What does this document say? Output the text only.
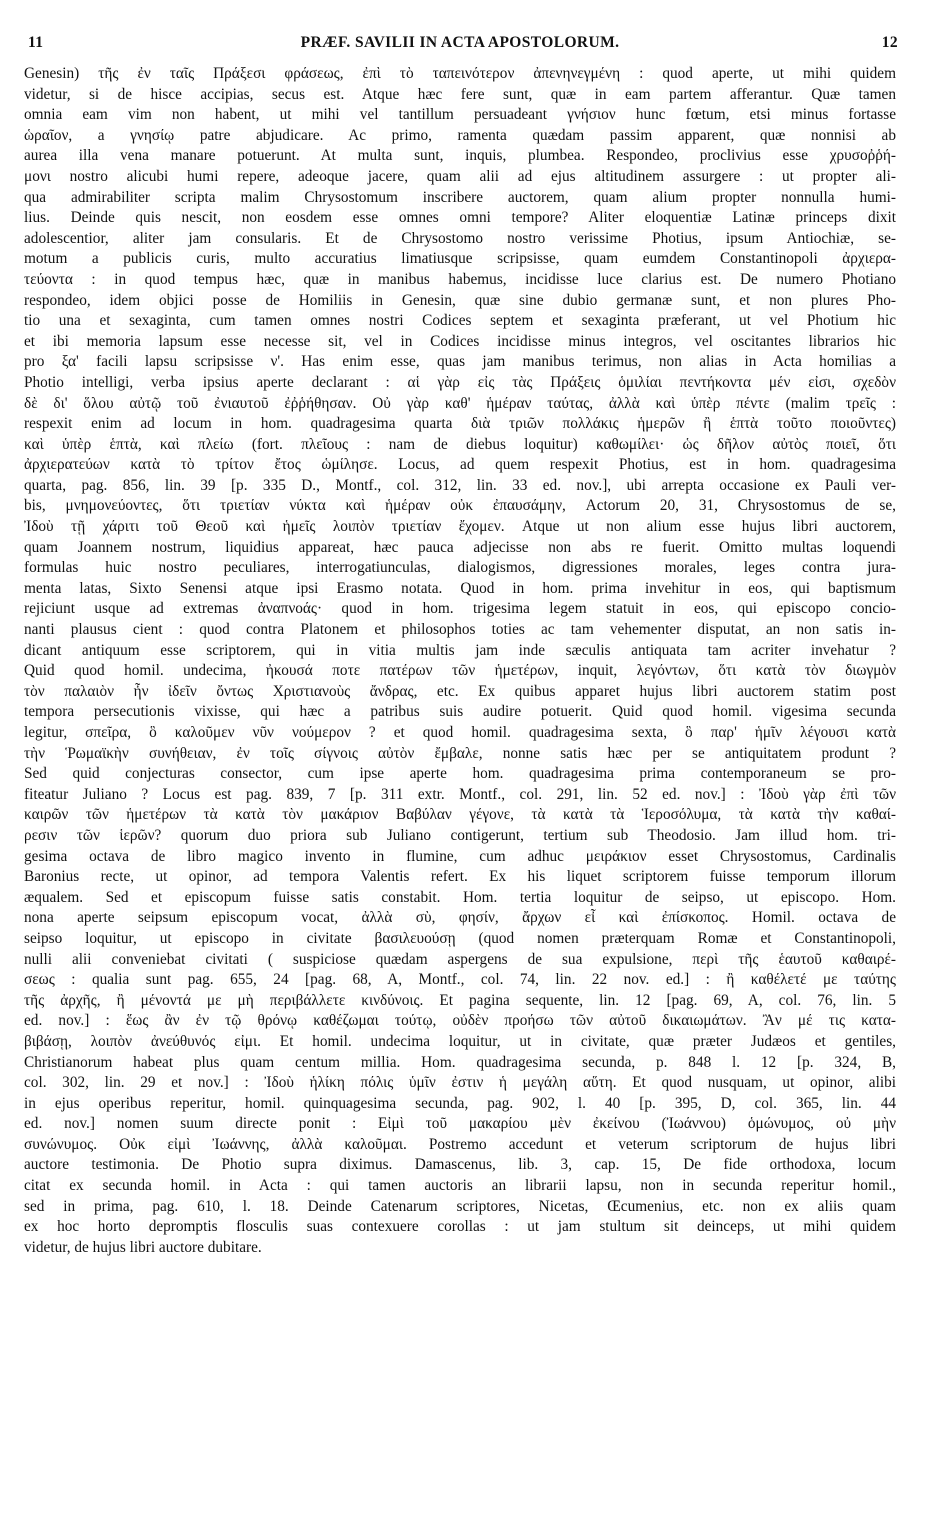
11	PRÆF. SAVILII IN ACTA APOSTOLORUM.	12
Genesin) τῆς ἐν ταῖς Πράξεσι φράσεως, ἐπὶ τὸ ταπεινότερον ἀπενηνεγμένη : quod aperte, ut mihi quidem
videtur, si de hisce accipias, secus est. Atque hæc fere sunt, quæ in eam partem afferantur. Quæ tamen
omnia eam vim non habent, ut mihi vel tantillum persuadeant γνήσιον hunc fœtum, etsi minus fortasse
ὡραῖον, a γνησίῳ patre abjudicare. Ac primo, ramenta quædam passim apparent, quæ nonnisi ab
aurea illa vena manare potuerunt. At multa sunt, inquis, plumbea. Respondeo, proclivius esse χρυσοῤῥή-
μονι nostro alicubi humi repere, adeoque jacere, quam alii ad ejus altitudinem assurgere : ut propter ali-
qua admirabiliter scripta malim Chrysostomum inscribere auctorem, quam alium propter nonnulla humi-
lius. Deinde quis nescit, non eosdem esse omnes omni tempore? Aliter eloquentiæ Latinæ princeps dixit
adolescentior, aliter jam consularis. Et de Chrysostomo nostro verissime Photius, ipsum Antiochiæ, se-
motum a publicis curis, multo accuratius limatiusque scripsisse, quam eumdem Constantinopoli ἀρχιερα-
τεύοντα : in quod tempus hæc, quæ in manibus habemus, incidisse luce clarius est. De numero Photiano
respondeo, idem objici posse de Homiliis in Genesin, quæ sine dubio germanæ sunt, et non plures Pho-
tio una et sexaginta, cum tamen omnes nostri Codices septem et sexaginta præferant, ut vel Photium hic
et ibi memoria lapsum esse necesse sit, vel in Codices incidisse minus integros, vel oscitantes librarios hic
pro ξα' facili lapsu scripsisse ν'. Has enim esse, quas jam manibus terimus, non alias in Acta homilias a
Photio intelligi, verba ipsius aperte declarant : αἱ γὰρ εἰς τὰς Πράξεις ὁμιλίαι πεντήκοντα μέν εἰσι, σχεδὸν
δὲ δι' ὅλου αὐτῷ τοῦ ἐνιαυτοῦ ἐῤῥήθησαν. Οὐ γὰρ καθ' ἡμέραν ταύτας, ἀλλὰ καὶ ὑπὲρ πέντε (malim τρεῖς :
respexit enim ad locum in hom. quadragesima quarta διὰ τριῶν πολλάκις ἡμερῶν ἢ ἑπτὰ τοῦτο ποιοῦντες)
καὶ ὑπὲρ ἑπτὰ, καὶ πλείω (fort. πλεῖους : nam de diebus loquitur) καθωμίλει· ὡς δῆλον αὐτὸς ποιεῖ, ὅτι
ἀρχιερατεύων κατὰ τὸ τρίτον ἔτος ὡμίλησε. Locus, ad quem respexit Photius, est in hom. quadragesima
quarta, pag. 856, lin. 39 [p. 335 D., Montf., col. 312, lin. 33 ed. nov.], ubi arrepta occasione ex Pauli ver-
bis, μνημονεύοντες, ὅτι τριετίαν νύκτα καὶ ἡμέραν οὐκ ἐπαυσάμην, Actorum 20, 31, Chrysostomus de se,
Ἰδοὺ τῇ χάριτι τοῦ Θεοῦ καὶ ἡμεῖς λοιπὸν τριετίαν ἔχομεν. Atque ut non alium esse hujus libri auctorem,
quam Joannem nostrum, liquidius appareat, hæc pauca adjecisse non abs re fuerit. Omitto multas loquendi
formulas huic nostro peculiares, interrogatiunculas, dialogismos, digressiones morales, leges contra jura-
menta latas, Sixto Senensi atque ipsi Erasmo notata. Quod in hom. prima invehitur in eos, qui baptismum
rejiciunt usque ad extremas ἀναπνοάς· quod in hom. trigesima legem statuit in eos, qui episcopo concio-
nanti plausus cient : quod contra Platonem et philosophos toties ac tam vehementer disputat, an non satis in-
dicant antiquum esse scriptorem, qui in vitia multis jam inde sæculis antiquata tam acriter invehatur ?
Quid quod homil. undecima, ἠκουσά ποτε πατέρων τῶν ἡμετέρων, inquit, λεγόντων, ὅτι κατὰ τὸν διωγμὸν
τὸν παλαιὸν ἦν ἰδεῖν ὄντως Χριστιανοὺς ἄνδρας, etc. Ex quibus apparet hujus libri auctorem statim post
tempora persecutionis vixisse, qui hæc a patribus suis audire potuerit. Quid quod homil. vigesima secunda
legitur, σπεῖρα, ὃ καλοῦμεν νῦν νούμερον ? et quod homil. quadragesima sexta, ὃ παρ' ἡμῖν λέγουσι κατὰ
τὴν Ῥωμαϊκὴν συνήθειαν, ἐν τοῖς σίγνοις αὐτὸν ἔμβαλε, nonne satis hæc per se antiquitatem produnt ?
Sed quid conjecturas consector, cum ipse aperte hom. quadragesima prima contemporaneum se pro-
fiteatur Juliano ? Locus est pag. 839, 7 [p. 311 extr. Montf., col. 291, lin. 52 ed. nov.] : Ἰδοὺ γὰρ ἐπὶ τῶν
καιρῶν τῶν ἡμετέρων τὰ κατὰ τὸν μακάριον Βαβύλαν γέγονε, τὰ κατὰ τὰ Ἱεροσόλυμα, τὰ κατὰ τὴν καθαί-
ρεσιν τῶν ἱερῶν? quorum duo priora sub Juliano contigerunt, tertium sub Theodosio. Jam illud hom. tri-
gesima octava de libro magico invento in flumine, cum adhuc μειράκιον esset Chrysostomus, Cardinalis
Baronius recte, ut opinor, ad tempora Valentis refert. Ex his liquet scriptorem fuisse temporum illorum
æqualem. Sed et episcopum fuisse satis constabit. Hom. tertia loquitur de seipso, ut episcopo. Hom.
nona aperte seipsum episcopum vocat, ἀλλὰ σὺ, φησίν, ἄρχων εἶ καὶ ἐπίσκοπος. Homil. octava de
seipso loquitur, ut episcopo in civitate βασιλευούσῃ (quod nomen præterquam Romæ et Constantinopoli,
nulli alii conveniebat civitati ( suspiciose quædam aspergens de sua expulsione, περὶ τῆς ἑαυτοῦ καθαιρέ-
σεως : qualia sunt pag. 655, 24 [pag. 68, A, Montf., col. 74, lin. 22 nov. ed.] : ἢ καθέλετέ με ταύτης
τῆς ἀρχῆς, ἢ μένοντά με μὴ περιβάλλετε κινδύνοις. Et pagina sequente, lin. 12 [pag. 69, A, col. 76, lin. 5
ed. nov.] : ἕως ἂν ἐν τῷ θρόνῳ καθέζωμαι τούτῳ, οὐδὲν προήσω τῶν αὐτοῦ δικαιωμάτων. Ἂν μέ τις κατα-
βιβάσῃ, λοιπὸν ἀνεύθυνός εἰμι. Et homil. undecima loquitur, ut in civitate, quæ præter Judæos et gentiles,
Christianorum habeat plus quam centum millia. Hom. quadragesima secunda, p. 848 l. 12 [p. 324, B,
col. 302, lin. 29 et nov.] : Ἰδοὺ ἡλίκη πόλις ὑμῖν ἐστιν ἡ μεγάλη αὕτη. Et quod nusquam, ut opinor, alibi
in ejus operibus reperitur, homil. quinquagesima secunda, pag. 902, l. 40 [p. 395, D, col. 365, lin. 44
ed. nov.] nomen suum directe ponit : Εἰμὶ τοῦ μακαρίου μὲν ἐκείνου (Ἰωάννου) ὁμώνυμος, οὐ μὴν
συνώνυμος. Οὐκ εἰμὶ Ἰωάννης, ἀλλὰ καλοῦμαι. Postremo accedunt et veterum scriptorum de hujus libri
auctore testimonia. De Photio supra diximus. Damascenus, lib. 3, cap. 15, De fide orthodoxa, locum
citat ex secunda homil. in Acta : qui tamen auctoris an librarii lapsu, non in secunda reperitur homil.,
sed in prima, pag. 610, l. 18. Deinde Catenarum scriptores, Nicetas, Œcumenius, etc. non ex aliis quam
ex hoc horto depromptis flosculis suas contexuere corollas : ut jam stultum sit deinceps, ut mihi quidem
videtur, de hujus libri auctore dubitare.
